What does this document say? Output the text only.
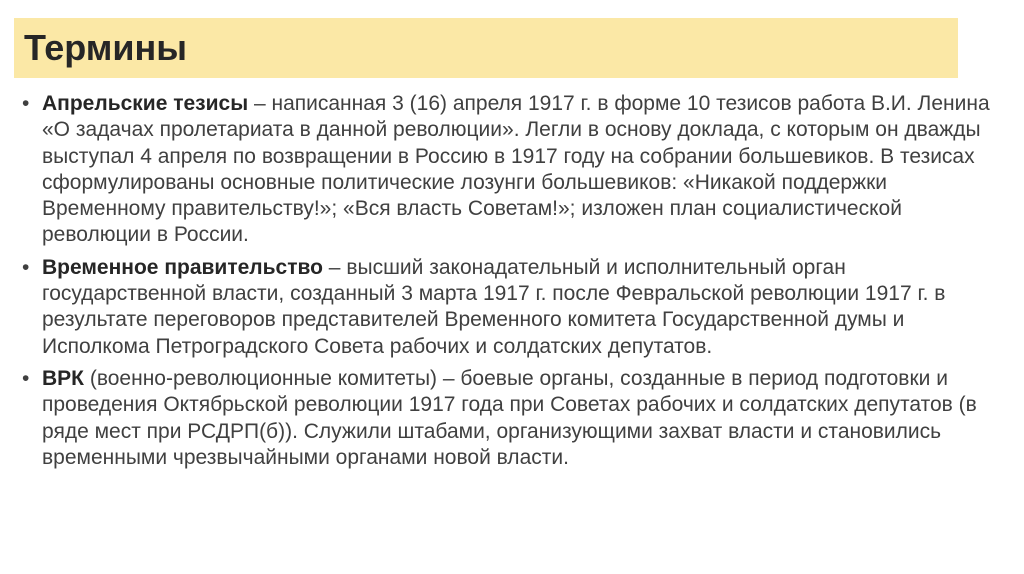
Термины
• Апрельские тезисы – написанная 3 (16) апреля 1917 г. в форме 10 тезисов работа В.И. Ленина «О задачах пролетариата в данной революции». Легли в основу доклада, с которым он дважды выступал 4 апреля по возвращении в Россию в 1917 году на собрании большевиков. В тезисах сформулированы основные политические лозунги большевиков: «Никакой поддержки Временному правительству!»; «Вся власть Советам!»; изложен план социалистической революции в России.
• Временное правительство – высший законадательный и исполнительный орган государственной власти, созданный 3 марта 1917 г. после Февральской революции 1917 г. в результате переговоров представителей Временного комитета Государственной думы и Исполкома Петроградского Совета рабочих и солдатских депутатов.
• ВРК (военно-революционные комитеты) – боевые органы, созданные в период подготовки и проведения Октябрьской революции 1917 года при Советах рабочих и солдатских депутатов (в ряде мест при РСДРП(б)). Служили штабами, организующими захват власти и становились временными чрезвычайными органами новой власти.
